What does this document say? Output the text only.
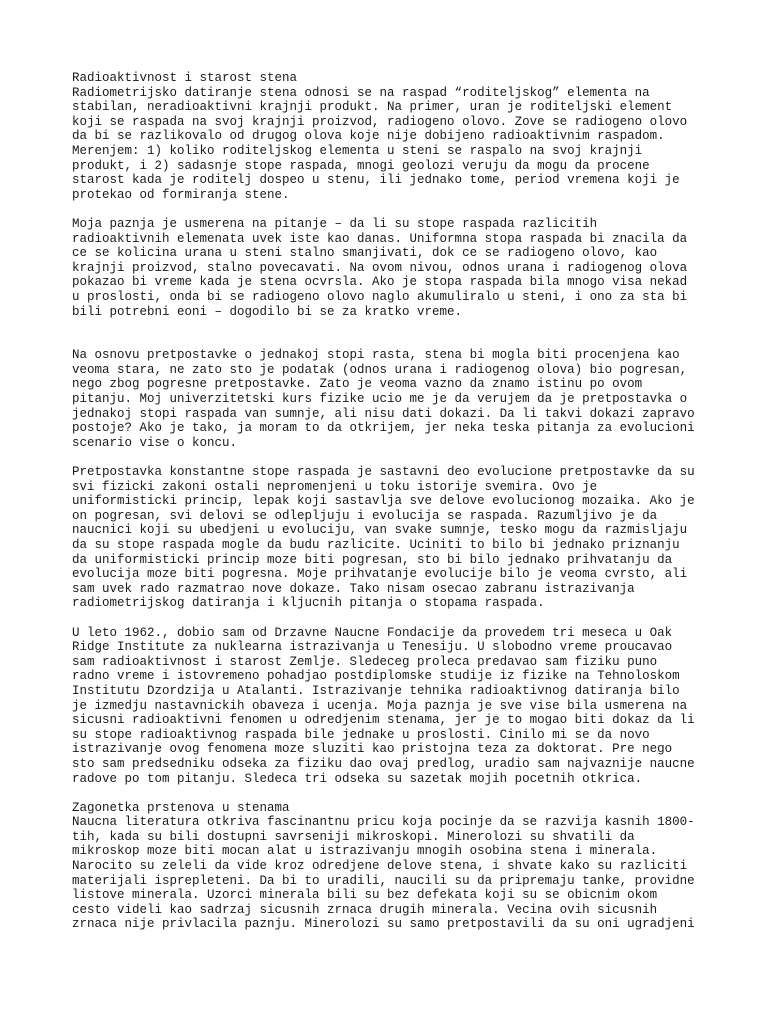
Radioaktivnost i starost stena
Radiometrijsko datiranje stena odnosi se na raspad “roditeljskog” elementa na
stabilan, neradioaktivni krajnji produkt. Na primer, uran je roditeljski element
koji se raspada na svoj krajnji proizvod, radiogeno olovo. Zove se radiogeno olovo
da bi se razlikovalo od drugog olova koje nije dobijeno radioaktivnim raspadom.
Merenjem: 1) koliko roditeljskog elementa u steni se raspalo na svoj krajnji
produkt, i 2) sadasnje stope raspada, mnogi geolozi veruju da mogu da procene
starost kada je roditelj dospeo u stenu, ili jednako tome, period vremena koji je
protekao od formiranja stene.
Moja paznja je usmerena na pitanje – da li su stope raspada razlicitih
radioaktivnih elemenata uvek iste kao danas. Uniformna stopa raspada bi znacila da
ce se kolicina urana u steni stalno smanjivati, dok ce se radiogeno olovo, kao
krajnji proizvod, stalno povecavati. Na ovom nivou, odnos urana i radiogenog olova
pokazao bi vreme kada je stena ocvrsla. Ako je stopa raspada bila mnogo visa nekad
u proslosti, onda bi se radiogeno olovo naglo akumuliralo u steni, i ono za sta bi
bili potrebni eoni – dogodilo bi se za kratko vreme.
Na osnovu pretpostavke o jednakoj stopi rasta, stena bi mogla biti procenjena kao
veoma stara, ne zato sto je podatak (odnos urana i radiogenog olova) bio pogresan,
nego zbog pogresne pretpostavke. Zato je veoma vazno da znamo istinu po ovom
pitanju. Moj univerzitetski kurs fizike ucio me je da verujem da je pretpostavka o
jednakoj stopi raspada van sumnje, ali nisu dati dokazi. Da li takvi dokazi zapravo
postoje? Ako je tako, ja moram to da otkrijem, jer neka teska pitanja za evolucioni
scenario vise o koncu.
Pretpostavka konstantne stope raspada je sastavni deo evolucione pretpostavke da su
svi fizicki zakoni ostali nepromenjeni u toku istorije svemira. Ovo je
uniformisticki princip, lepak koji sastavlja sve delove evolucionog mozaika. Ako je
on pogresan, svi delovi se odlepljuju i evolucija se raspada. Razumljivo je da
naucnici koji su ubedjeni u evoluciju, van svake sumnje, tesko mogu da razmisljaju
da su stope raspada mogle da budu razlicite. Uciniti to bilo bi jednako priznanju
da uniformisticki princip moze biti pogresan, sto bi bilo jednako prihvatanju da
evolucija moze biti pogresna. Moje prihvatanje evolucije bilo je veoma cvrsto, ali
sam uvek rado razmatrao nove dokaze. Tako nisam osecao zabranu istrazivanja
radiometrijskog datiranja i kljucnih pitanja o stopama raspada.
U leto 1962., dobio sam od Drzavne Naucne Fondacije da provedem tri meseca u Oak
Ridge Institute za nuklearna istrazivanja u Tenesiju. U slobodno vreme proucavao
sam radioaktivnost i starost Zemlje. Sledeceg proleca predavao sam fiziku puno
radno vreme i istovremeno pohadjao postdiplomske studije iz fizike na Tehnoloskom
Institutu Dzordzija u Atalanti. Istrazivanje tehnika radioaktivnog datiranja bilo
je izmedju nastavnickih obaveza i ucenja. Moja paznja je sve vise bila usmerena na
sicusni radioaktivni fenomen u odredjenim stenama, jer je to mogao biti dokaz da li
su stope radioaktivnog raspada bile jednake u proslosti. Cinilo mi se da novo
istrazivanje ovog fenomena moze sluziti kao pristojna teza za doktorat. Pre nego
sto sam predsedniku odseka za fiziku dao ovaj predlog, uradio sam najvaznije naucne
radove po tom pitanju. Sledeca tri odseka su sazetak mojih pocetnih otkrica.
Zagonetka prstenova u stenama
Naucna literatura otkriva fascinantnu pricu koja pocinje da se razvija kasnih 1800-
tih, kada su bili dostupni savrseniji mikroskopi. Minerolozi su shvatili da
mikroskop moze biti mocan alat u istrazivanju mnogih osobina stena i minerala.
Narocito su zeleli da vide kroz odredjene delove stena, i shvate kako su razliciti
materijali isprepleteni. Da bi to uradili, naucili su da pripremaju tanke, providne
listove minerala. Uzorci minerala bili su bez defekata koji su se obicnim okom
cesto videli kao sadrzaj sicusnih zrnaca drugih minerala. Vecina ovih sicusnih
zrnaca nije privlacila paznju. Minerolozi su samo pretpostavili da su oni ugradjeni
